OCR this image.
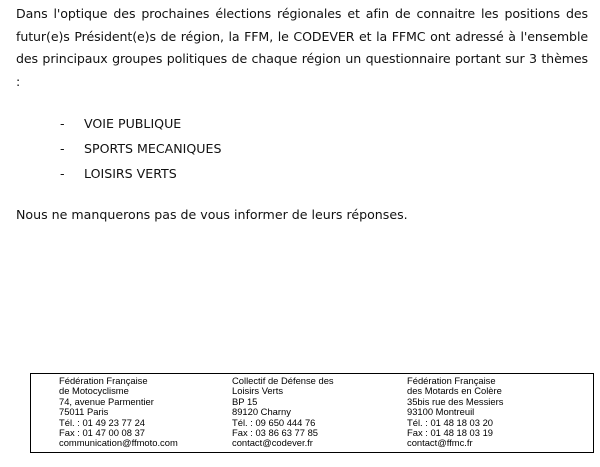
Dans l'optique des prochaines élections régionales et afin de connaitre les positions des futur(e)s Président(e)s de région, la FFM, le CODEVER et la FFMC ont adressé à l'ensemble des principaux groupes politiques de chaque région un questionnaire portant sur 3 thèmes :

- VOIE PUBLIQUE
- SPORTS MECANIQUES
- LOISIRS VERTS

Nous ne manquerons pas de vous informer de leurs réponses.

Fédération Française
de Motocyclisme
74, avenue Parmentier
75011 Paris
Tél. : 01 49 23 77 24
Fax : 01 47 00 08 37
communication@ffmoto.com
Collectif de Défense des
Loisirs Verts
BP 15
89120 Charny
Tél. : 09 650 444 76
Fax : 03 86 63 77 85
contact@codever.fr
Fédération Française
des Motards en Colère
35bis rue des Messiers
93100 Montreuil
Tél. : 01 48 18 03 20
Fax : 01 48 18 03 19
contact@ffmc.fr
